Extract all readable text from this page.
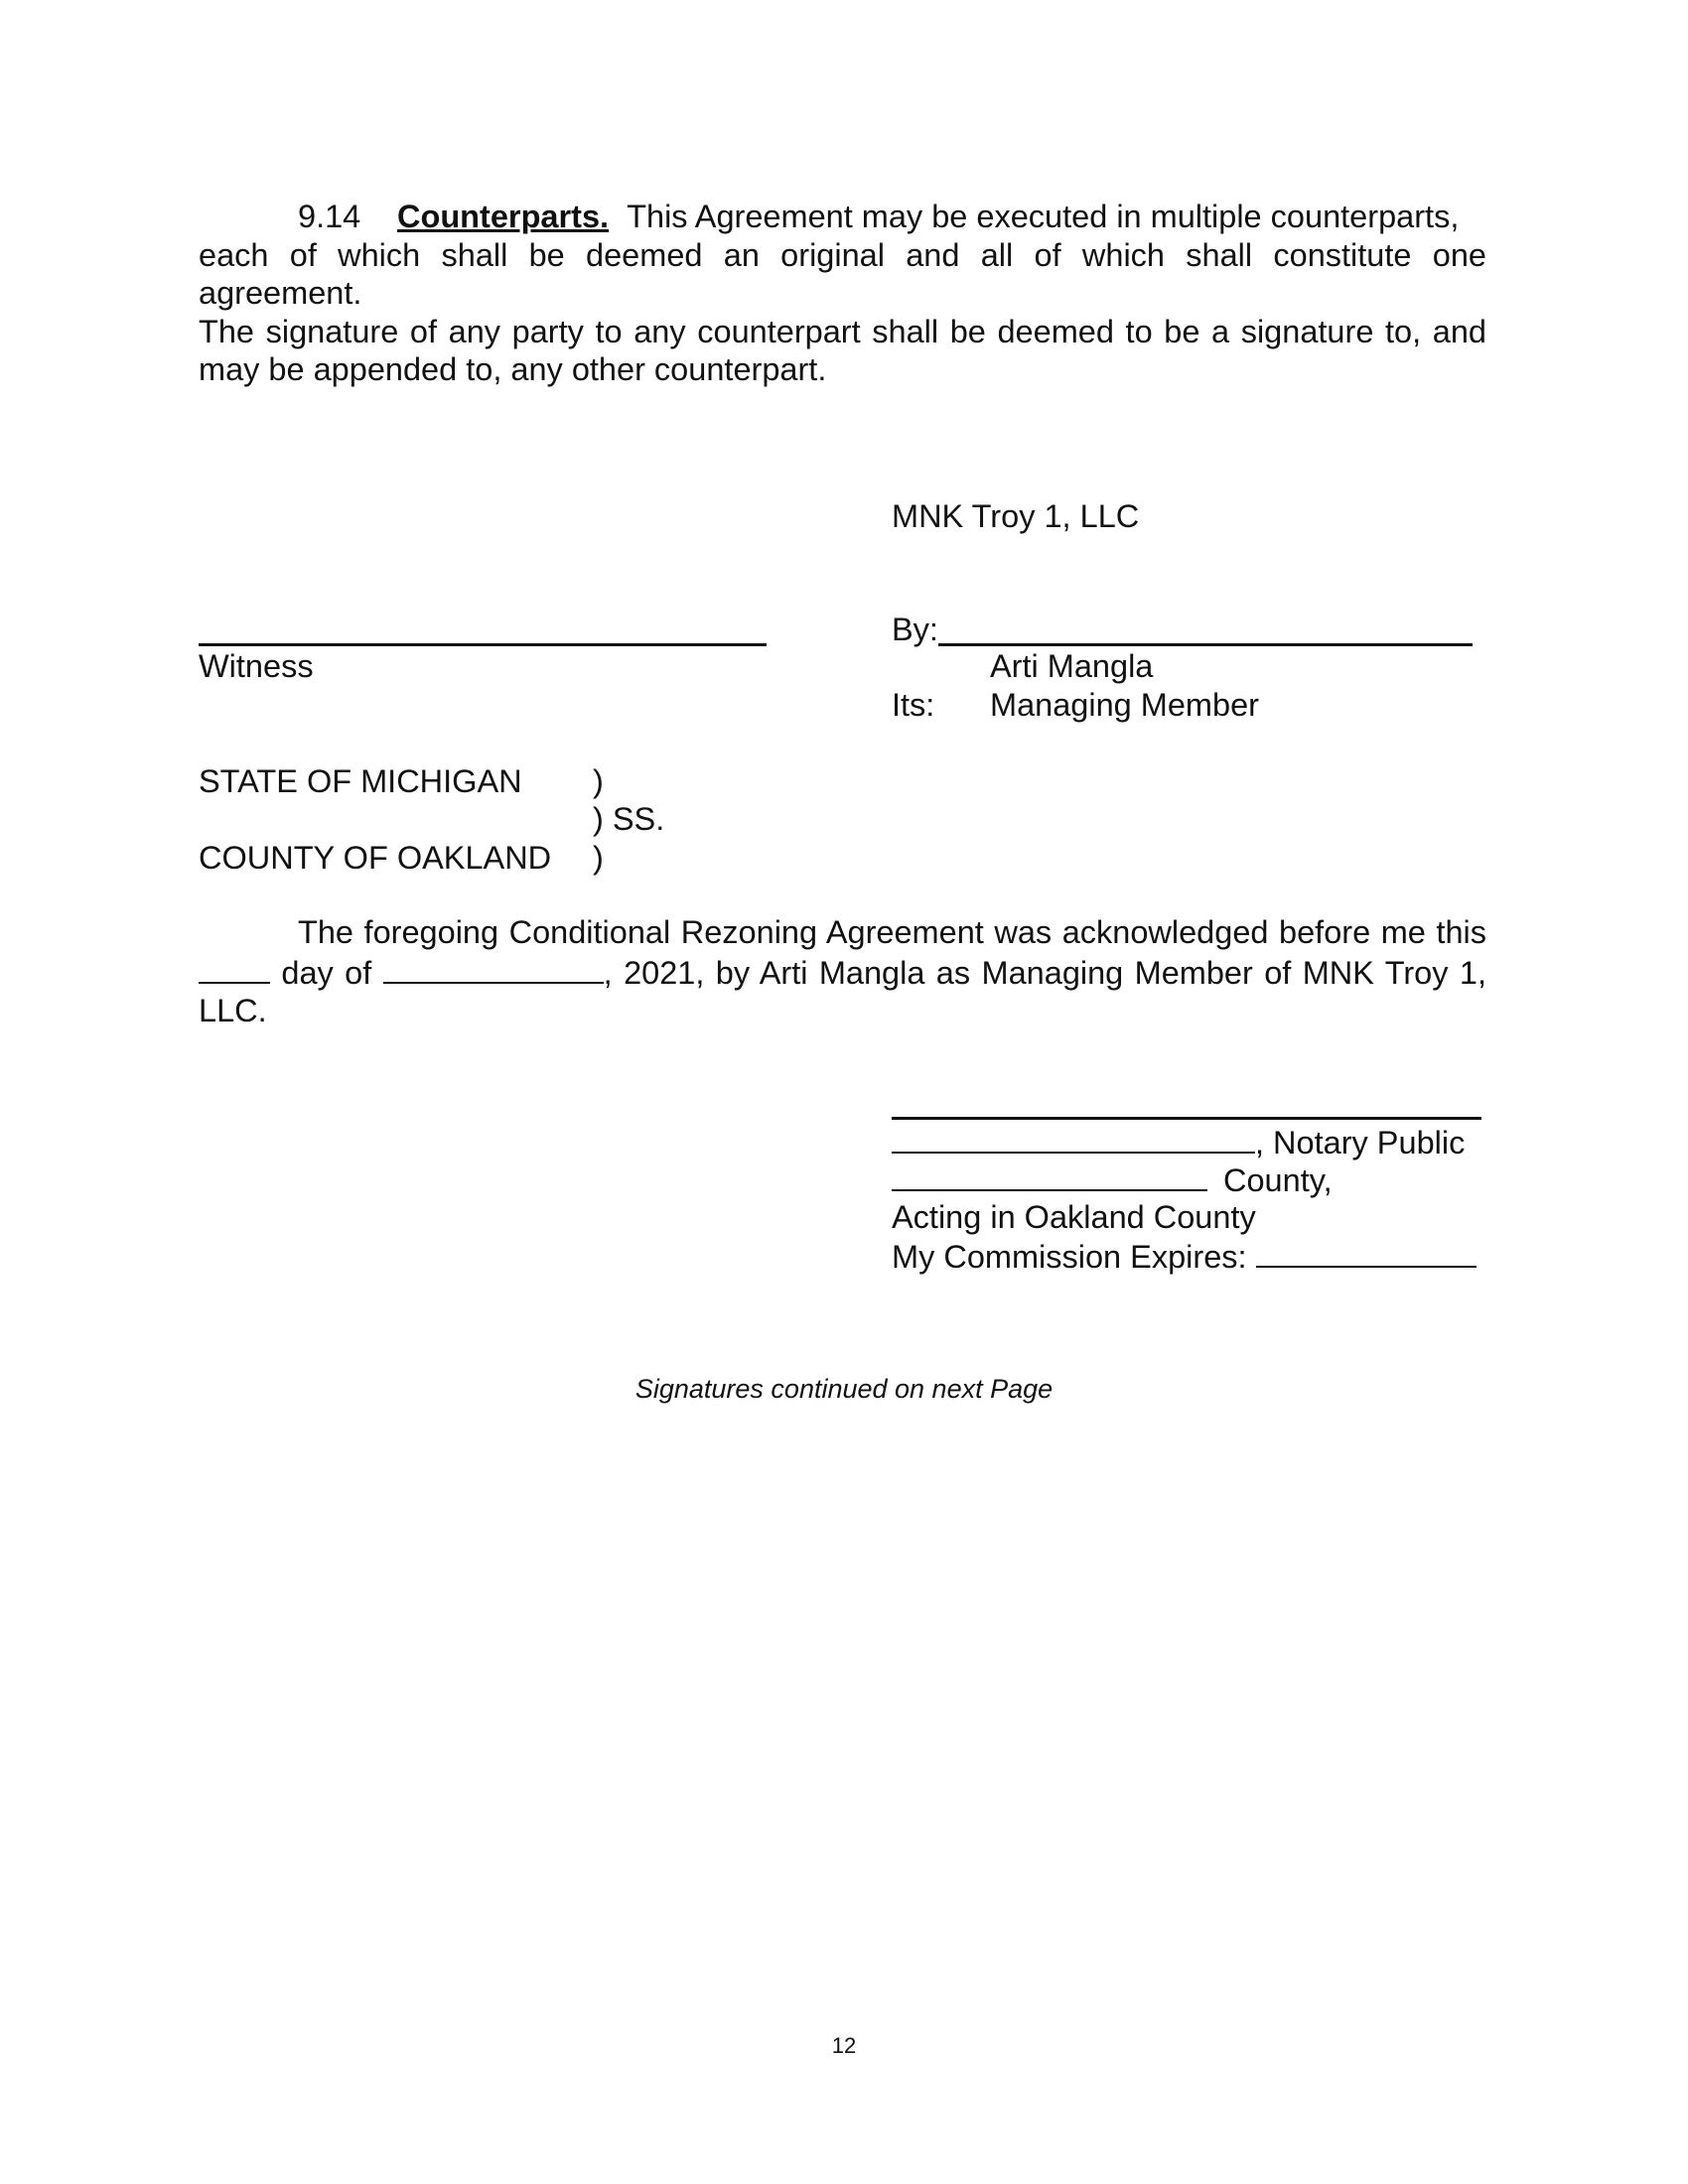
9.14 Counterparts. This Agreement may be executed in multiple counterparts,
each of which shall be deemed an original and all of which shall constitute one agreement.
The signature of any party to any counterpart shall be deemed to be a signature to, and
may be appended to, any other counterpart.
MNK Troy 1, LLC
Witness
By:
Arti Mangla
Its: Managing Member
STATE OF MICHIGAN )
) SS.
COUNTY OF OAKLAND )
The foregoing Conditional Rezoning Agreement was acknowledged before me this
day of	, 2021, by Arti Mangla as Managing Member of MNK Troy 1,
LLC.
, Notary Public
County,
Acting in Oakland County
My Commission Expires:
Signatures continued on next Page
12
